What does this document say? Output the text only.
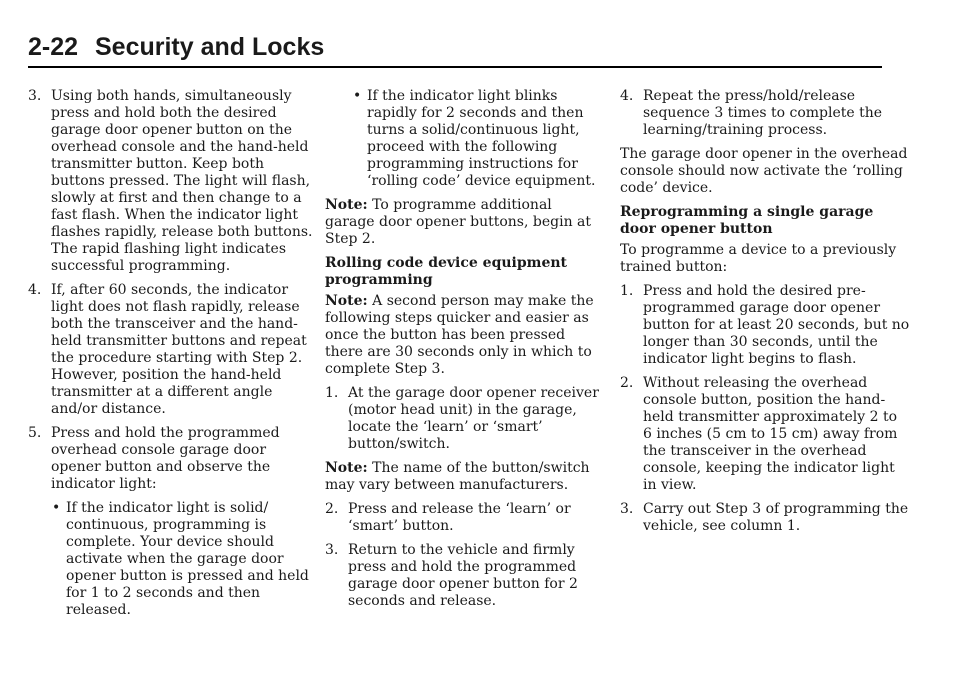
2-22 Security and Locks
3. Using both hands, simultaneously press and hold both the desired garage door opener button on the overhead console and the hand-held transmitter button. Keep both buttons pressed. The light will flash, slowly at first and then change to a fast flash. When the indicator light flashes rapidly, release both buttons. The rapid flashing light indicates successful programming.
4. If, after 60 seconds, the indicator light does not flash rapidly, release both the transceiver and the hand-held transmitter buttons and repeat the procedure starting with Step 2. However, position the hand-held transmitter at a different angle and/or distance.
5. Press and hold the programmed overhead console garage door opener button and observe the indicator light:
• If the indicator light is solid/ continuous, programming is complete. Your device should activate when the garage door opener button is pressed and held for 1 to 2 seconds and then released.
• If the indicator light blinks rapidly for 2 seconds and then turns a solid/continuous light, proceed with the following programming instructions for ‘rolling code’ device equipment.

Note: To programme additional garage door opener buttons, begin at Step 2.

Rolling code device equipment programming

Note: A second person may make the following steps quicker and easier as once the button has been pressed there are 30 seconds only in which to complete Step 3.

1. At the garage door opener receiver (motor head unit) in the garage, locate the ‘learn’ or ‘smart’ button/switch.

Note: The name of the button/switch may vary between manufacturers.

2. Press and release the ‘learn’ or ‘smart’ button.
3. Return to the vehicle and firmly press and hold the programmed garage door opener button for 2 seconds and release.
4. Repeat the press/hold/release sequence 3 times to complete the learning/training process.

The garage door opener in the overhead console should now activate the ‘rolling code’ device.

Reprogramming a single garage door opener button

To programme a device to a previously trained button:

1. Press and hold the desired pre-programmed garage door opener button for at least 20 seconds, but no longer than 30 seconds, until the indicator light begins to flash.
2. Without releasing the overhead console button, position the hand-held transmitter approximately 2 to 6 inches (5 cm to 15 cm) away from the transceiver in the overhead console, keeping the indicator light in view.
3. Carry out Step 3 of programming the vehicle, see column 1.
